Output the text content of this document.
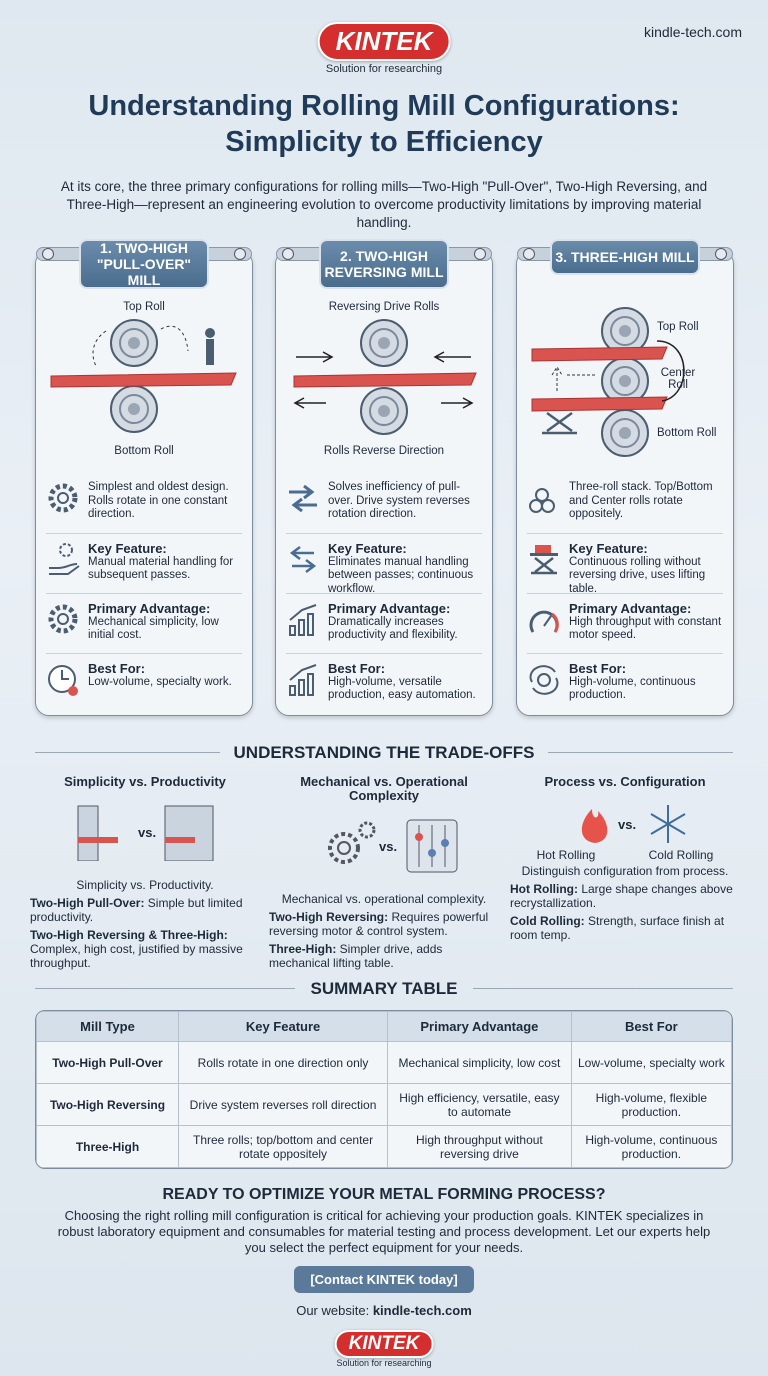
KINTEK
Solution for researching
kindle-tech.com
Understanding Rolling Mill Configurations:
Simplicity to Efficiency
At its core, the three primary configurations for rolling mills—Two-High "Pull-Over", Two-High Reversing, and Three-High—represent an engineering evolution to overcome productivity limitations by improving material handling.
1. TWO-HIGH
"PULL-OVER" MILL
Top Roll
Bottom Roll
Simplest and oldest design. Rolls rotate in one constant direction.
Key Feature:
Manual material handling for subsequent passes.
Primary Advantage:
Mechanical simplicity, low initial cost.
Best For:
Low-volume, specialty work.
2. TWO-HIGH
REVERSING MILL
Reversing Drive Rolls
Rolls Reverse Direction
Solves inefficiency of pull-over. Drive system reverses rotation direction.
Key Feature:
Eliminates manual handling between passes; continuous workflow.
Primary Advantage:
Dramatically increases productivity and flexibility.
Best For:
High-volume, versatile production, easy automation.
3. THREE-HIGH MILL
Top Roll
Center Roll
Bottom Roll
Three-roll stack. Top/Bottom and Center rolls rotate oppositely.
Key Feature:
Continuous rolling without reversing drive, uses lifting table.
Primary Advantage:
High throughput with constant motor speed.
Best For:
High-volume, continuous production.
UNDERSTANDING THE TRADE-OFFS
Simplicity vs. Productivity
vs.
Simplicity vs. Productivity.
Two-High Pull-Over: Simple but limited productivity.
Two-High Reversing & Three-High: Complex, high cost, justified by massive throughput.
Mechanical vs. Operational Complexity
vs.
Mechanical vs. operational complexity.
Two-High Reversing: Requires powerful reversing motor & control system.
Three-High: Simpler drive, adds mechanical lifting table.
Process vs. Configuration
vs.
Hot Rolling	Cold Rolling
Distinguish configuration from process.
Hot Rolling: Large shape changes above recrystallization.
Cold Rolling: Strength, surface finish at room temp.
SUMMARY TABLE
Mill Type	Key Feature	Primary Advantage	Best For
Two-High Pull-Over	Rolls rotate in one direction only	Mechanical simplicity, low cost	Low-volume, specialty work
Two-High Reversing	Drive system reverses roll direction	High efficiency, versatile, easy to automate	High-volume, flexible production.
Three-High	Three rolls; top/bottom and center rotate oppositely	High throughput without reversing drive	High-volume, continuous production.
READY TO OPTIMIZE YOUR METAL FORMING PROCESS?
Choosing the right rolling mill configuration is critical for achieving your production goals. KINTEK specializes in robust laboratory equipment and consumables for material testing and process development. Let our experts help you select the perfect equipment for your needs.
[Contact KINTEK today]
Our website: kindle-tech.com
KINTEK
Solution for researching
